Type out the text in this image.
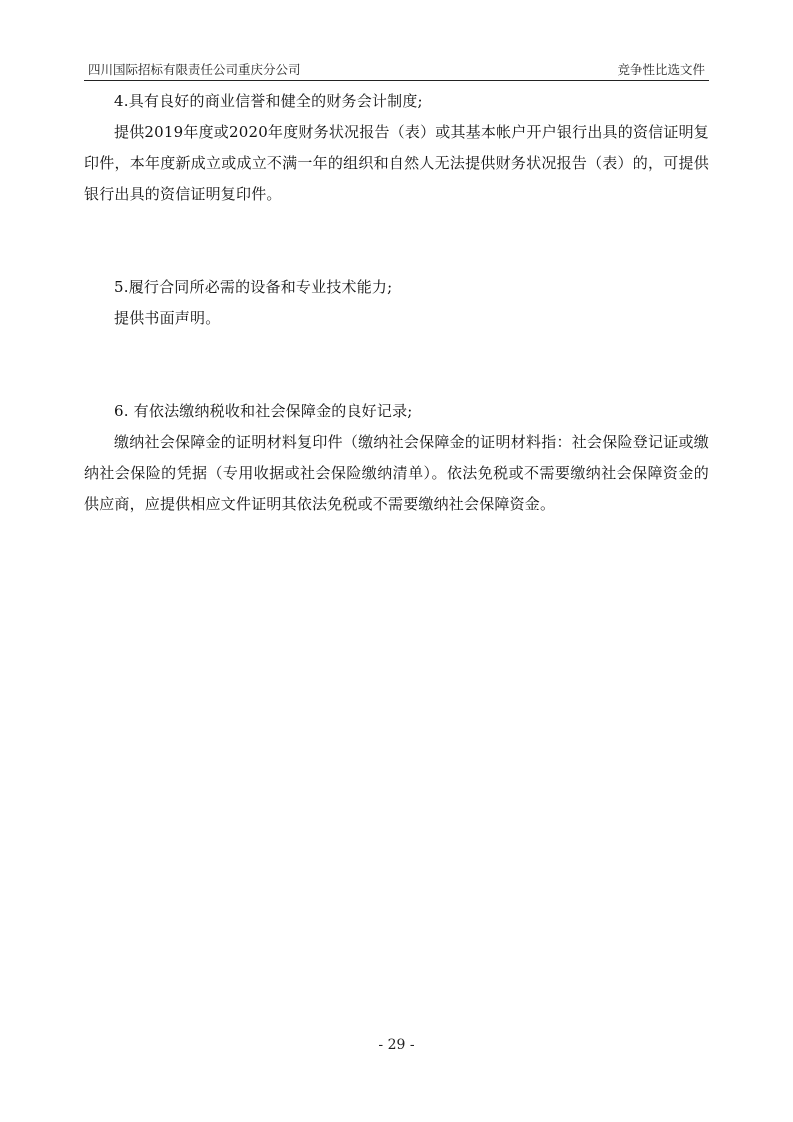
四川国际招标有限责任公司重庆分公司	竞争性比选文件

4.具有良好的商业信誉和健全的财务会计制度;

提供2019年度或2020年度财务状况报告（表）或其基本帐户开户银行出具的资信证明复印件，本年度新成立或成立不满一年的组织和自然人无法提供财务状况报告（表）的，可提供银行出具的资信证明复印件。

5.履行合同所必需的设备和专业技术能力;

提供书面声明。

6. 有依法缴纳税收和社会保障金的良好记录;

缴纳社会保障金的证明材料复印件（缴纳社会保障金的证明材料指：社会保险登记证或缴纳社会保险的凭据（专用收据或社会保险缴纳清单）。依法免税或不需要缴纳社会保障资金的供应商，应提供相应文件证明其依法免税或不需要缴纳社会保障资金。

- 29 -
